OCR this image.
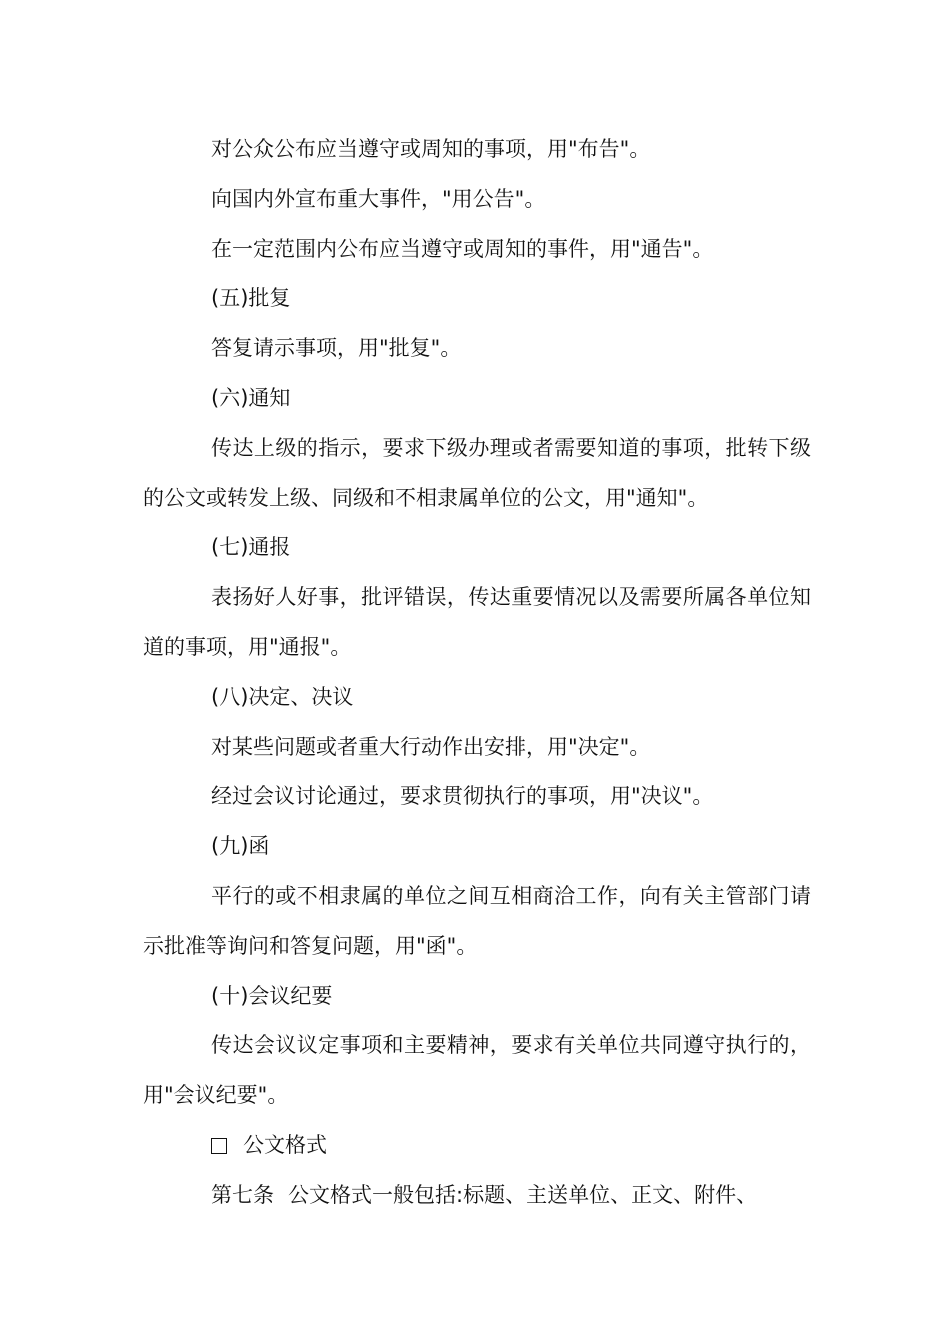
对公众公布应当遵守或周知的事项，用"布告"。

向国内外宣布重大事件，"用公告"。

在一定范围内公布应当遵守或周知的事件，用"通告"。

(五)批复

答复请示事项，用"批复"。

(六)通知

传达上级的指示，要求下级办理或者需要知道的事项，批转下级的公文或转发上级、同级和不相隶属单位的公文，用"通知"。

(七)通报

表扬好人好事，批评错误，传达重要情况以及需要所属各单位知道的事项，用"通报"。

(八)决定、决议

对某些问题或者重大行动作出安排，用"决定"。

经过会议讨论通过，要求贯彻执行的事项，用"决议"。

(九)函

平行的或不相隶属的单位之间互相商洽工作，向有关主管部门请示批准等询问和答复问题，用"函"。

(十)会议纪要

传达会议议定事项和主要精神，要求有关单位共同遵守执行的，用"会议纪要"。

公文格式

第七条 公文格式一般包括:标题、主送单位、正文、附件、
